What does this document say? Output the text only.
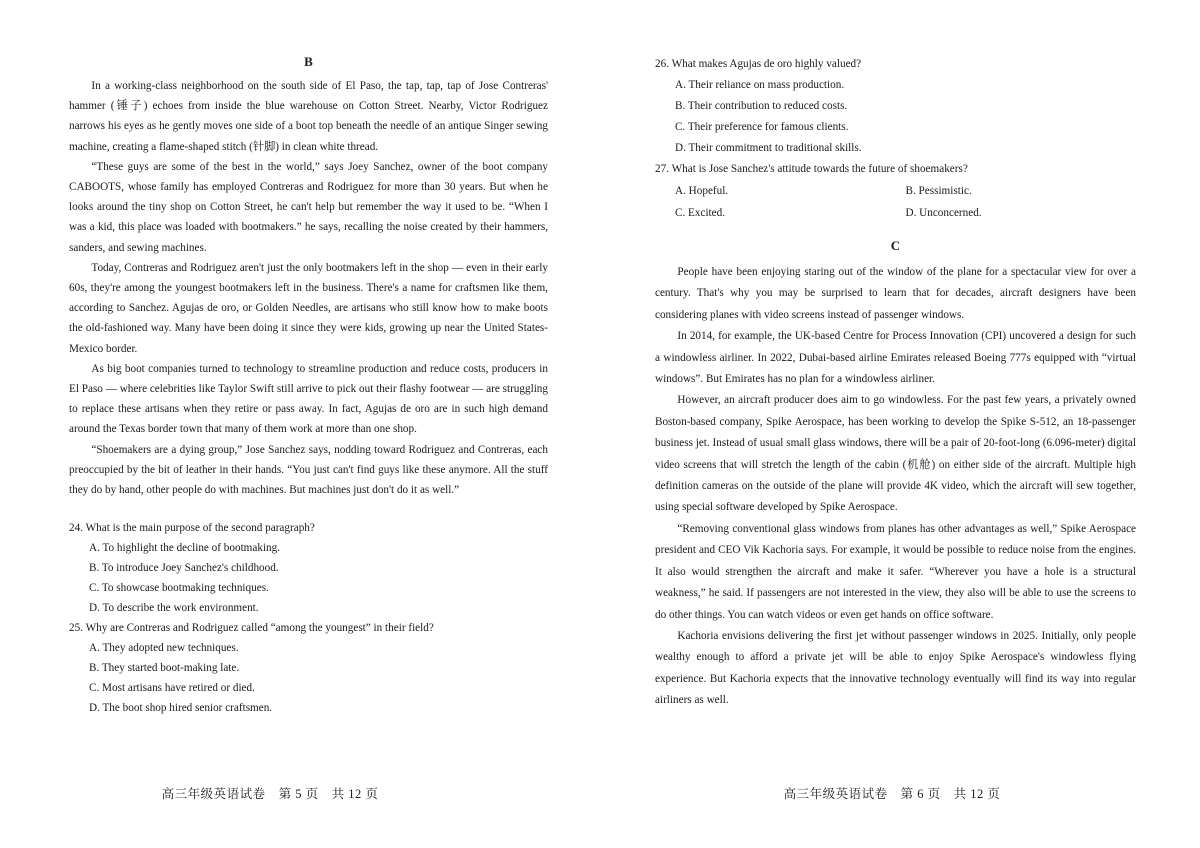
B

In a working-class neighborhood on the south side of El Paso, the tap, tap, tap of Jose Contreras' hammer (锤子) echoes from inside the blue warehouse on Cotton Street. Nearby, Victor Rodriguez narrows his eyes as he gently moves one side of a boot top beneath the needle of an antique Singer sewing machine, creating a flame-shaped stitch (针脚) in clean white thread.

“These guys are some of the best in the world,” says Joey Sanchez, owner of the boot company CABOOTS, whose family has employed Contreras and Rodriguez for more than 30 years. But when he looks around the tiny shop on Cotton Street, he can't help but remember the way it used to be. “When I was a kid, this place was loaded with bootmakers.” he says, recalling the noise created by their hammers, sanders, and sewing machines.

Today, Contreras and Rodriguez aren't just the only bootmakers left in the shop — even in their early 60s, they're among the youngest bootmakers left in the business. There's a name for craftsmen like them, according to Sanchez. Agujas de oro, or Golden Needles, are artisans who still know how to make boots the old-fashioned way. Many have been doing it since they were kids, growing up near the United States-Mexico border.

As big boot companies turned to technology to streamline production and reduce costs, producers in El Paso — where celebrities like Taylor Swift still arrive to pick out their flashy footwear — are struggling to replace these artisans when they retire or pass away. In fact, Agujas de oro are in such high demand around the Texas border town that many of them work at more than one shop.

“Shoemakers are a dying group,” Jose Sanchez says, nodding toward Rodriguez and Contreras, each preoccupied by the bit of leather in their hands. “You just can't find guys like these anymore. All the stuff they do by hand, other people do with machines. But machines just don't do it as well.”

24. What is the main purpose of the second paragraph?

A. To highlight the decline of bootmaking.

B. To introduce Joey Sanchez's childhood.

C. To showcase bootmaking techniques.

D. To describe the work environment.

25. Why are Contreras and Rodriguez called “among the youngest” in their field?

A. They adopted new techniques.

B. They started boot-making late.

C. Most artisans have retired or died.

D. The boot shop hired senior craftsmen.

高三年级英语试卷　第 5 页　共 12 页

26. What makes Agujas de oro highly valued?

A. Their reliance on mass production.

B. Their contribution to reduced costs.

C. Their preference for famous clients.

D. Their commitment to traditional skills.

27. What is Jose Sanchez's attitude towards the future of shoemakers?

A. Hopeful.	B. Pessimistic.
C. Excited.	D. Unconcerned.
C

People have been enjoying staring out of the window of the plane for a spectacular view for over a century. That's why you may be surprised to learn that for decades, aircraft designers have been considering planes with video screens instead of passenger windows.

In 2014, for example, the UK-based Centre for Process Innovation (CPI) uncovered a design for such a windowless airliner. In 2022, Dubai-based airline Emirates released Boeing 777s equipped with “virtual windows”. But Emirates has no plan for a windowless airliner.

However, an aircraft producer does aim to go windowless. For the past few years, a privately owned Boston-based company, Spike Aerospace, has been working to develop the Spike S-512, an 18-passenger business jet. Instead of usual small glass windows, there will be a pair of 20-foot-long (6.096-meter) digital video screens that will stretch the length of the cabin (机舱) on either side of the aircraft. Multiple high definition cameras on the outside of the plane will provide 4K video, which the aircraft will sew together, using special software developed by Spike Aerospace.

“Removing conventional glass windows from planes has other advantages as well,” Spike Aerospace president and CEO Vik Kachoria says. For example, it would be possible to reduce noise from the engines. It also would strengthen the aircraft and make it safer. “Wherever you have a hole is a structural weakness,” he said. If passengers are not interested in the view, they also will be able to use the screens to do other things. You can watch videos or even get hands on office software.

Kachoria envisions delivering the first jet without passenger windows in 2025. Initially, only people wealthy enough to afford a private jet will be able to enjoy Spike Aerospace's windowless flying experience. But Kachoria expects that the innovative technology eventually will find its way into regular airliners as well.

高三年级英语试卷　第 6 页　共 12 页
